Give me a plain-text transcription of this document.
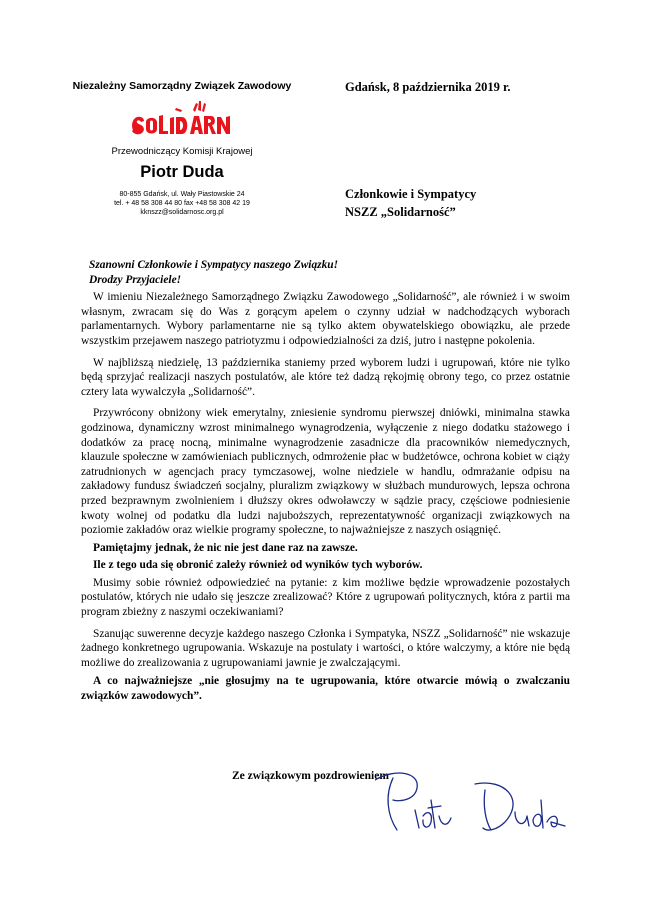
Niezależny Samorządny Związek Zawodowy
Przewodniczący Komisji Krajowej
Piotr Duda
80-855 Gdańsk, ul. Wały Piastowskie 24
tel. + 48 58 308 44 80 fax +48 58 308 42 19
kknszz@solidarnosc.org.pl
Gdańsk, 8 października 2019 r.
Członkowie i Sympatycy
NSZZ „Solidarność”

Szanowni Członkowie i Sympatycy naszego Związku!

Drodzy Przyjaciele!

W imieniu Niezależnego Samorządnego Związku Zawodowego „Solidarność”, ale również i w swoim własnym, zwracam się do Was z gorącym apelem o czynny udział w nadchodzących wyborach parlamentarnych. Wybory parlamentarne nie są tylko aktem obywatelskiego obowiązku, ale przede wszystkim przejawem naszego patriotyzmu i odpowiedzialności za dziś, jutro i następne pokolenia.

W najbliższą niedzielę, 13 października staniemy przed wyborem ludzi i ugrupowań, które nie tylko będą sprzyjać realizacji naszych postulatów, ale które też dadzą rękojmię obrony tego, co przez ostatnie cztery lata wywalczyła „Solidarność”.

Przywrócony obniżony wiek emerytalny, zniesienie syndromu pierwszej dniówki, minimalna stawka godzinowa, dynamiczny wzrost minimalnego wynagrodzenia, wyłączenie z niego dodatku stażowego i dodatków za pracę nocną, minimalne wynagrodzenie zasadnicze dla pracowników niemedycznych, klauzule społeczne w zamówieniach publicznych, odmrożenie płac w budżetówce, ochrona kobiet w ciąży zatrudnionych w agencjach pracy tymczasowej, wolne niedziele w handlu, odmrażanie odpisu na zakładowy fundusz świadczeń socjalny, pluralizm związkowy w służbach mundurowych, lepsza ochrona przed bezprawnym zwolnieniem i dłuższy okres odwoławczy w sądzie pracy, częściowe podniesienie kwoty wolnej od podatku dla ludzi najuboższych, reprezentatywność organizacji związkowych na poziomie zakładów oraz wielkie programy społeczne, to najważniejsze z naszych osiągnięć.

Pamiętajmy jednak, że nic nie jest dane raz na zawsze.

Ile z tego uda się obronić zależy również od wyników tych wyborów.

Musimy sobie również odpowiedzieć na pytanie: z kim możliwe będzie wprowadzenie pozostałych postulatów, których nie udało się jeszcze zrealizować? Które z ugrupowań politycznych, która z partii ma program zbieżny z naszymi oczekiwaniami?

Szanując suwerenne decyzje każdego naszego Członka i Sympatyka, NSZZ „Solidarność” nie wskazuje żadnego konkretnego ugrupowania. Wskazuje na postulaty i wartości, o które walczymy, a które nie będą możliwe do zrealizowania z ugrupowaniami jawnie je zwalczającymi.

A co najważniejsze „nie głosujmy na te ugrupowania, które otwarcie mówią o zwalczaniu związków zawodowych”.

Ze związkowym pozdrowieniem
